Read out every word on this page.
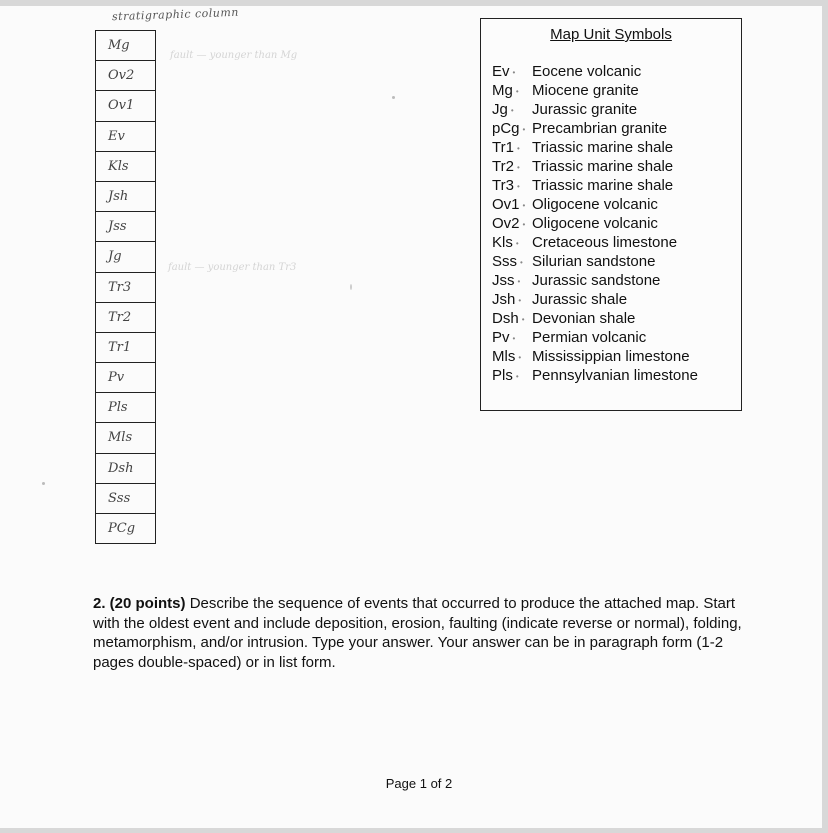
stratigraphic column
Mg
Ov2
Ov1
Ev
Kls
Jsh
Jss
Jg
Tr3
Tr2
Tr1
Pv
Pls
Mls
Dsh
Sss
PCg
fault — younger than Mg
fault — younger than Tr3
Map Unit Symbols
Ev •	Eocene volcanic
Mg • Miocene granite
Jg •	Jurassic granite
pCg • Precambrian granite
Tr1 • Triassic marine shale
Tr2 • Triassic marine shale
Tr3 • Triassic marine shale
Ov1 • Oligocene volcanic
Ov2 • Oligocene volcanic
Kls • Cretaceous limestone
Sss • Silurian sandstone
Jss • Jurassic sandstone
Jsh • Jurassic shale
Dsh • Devonian shale
Pv •	Permian volcanic
Mls • Mississippian limestone
Pls • Pennsylvanian limestone
2. (20 points) Describe the sequence of events that occurred to produce the attached map. Start with the oldest event and include deposition, erosion, faulting (indicate reverse or normal), folding, metamorphism, and/or intrusion. Type your answer. Your answer can be in paragraph form (1-2 pages double-spaced) or in list form.
Page 1 of 2
